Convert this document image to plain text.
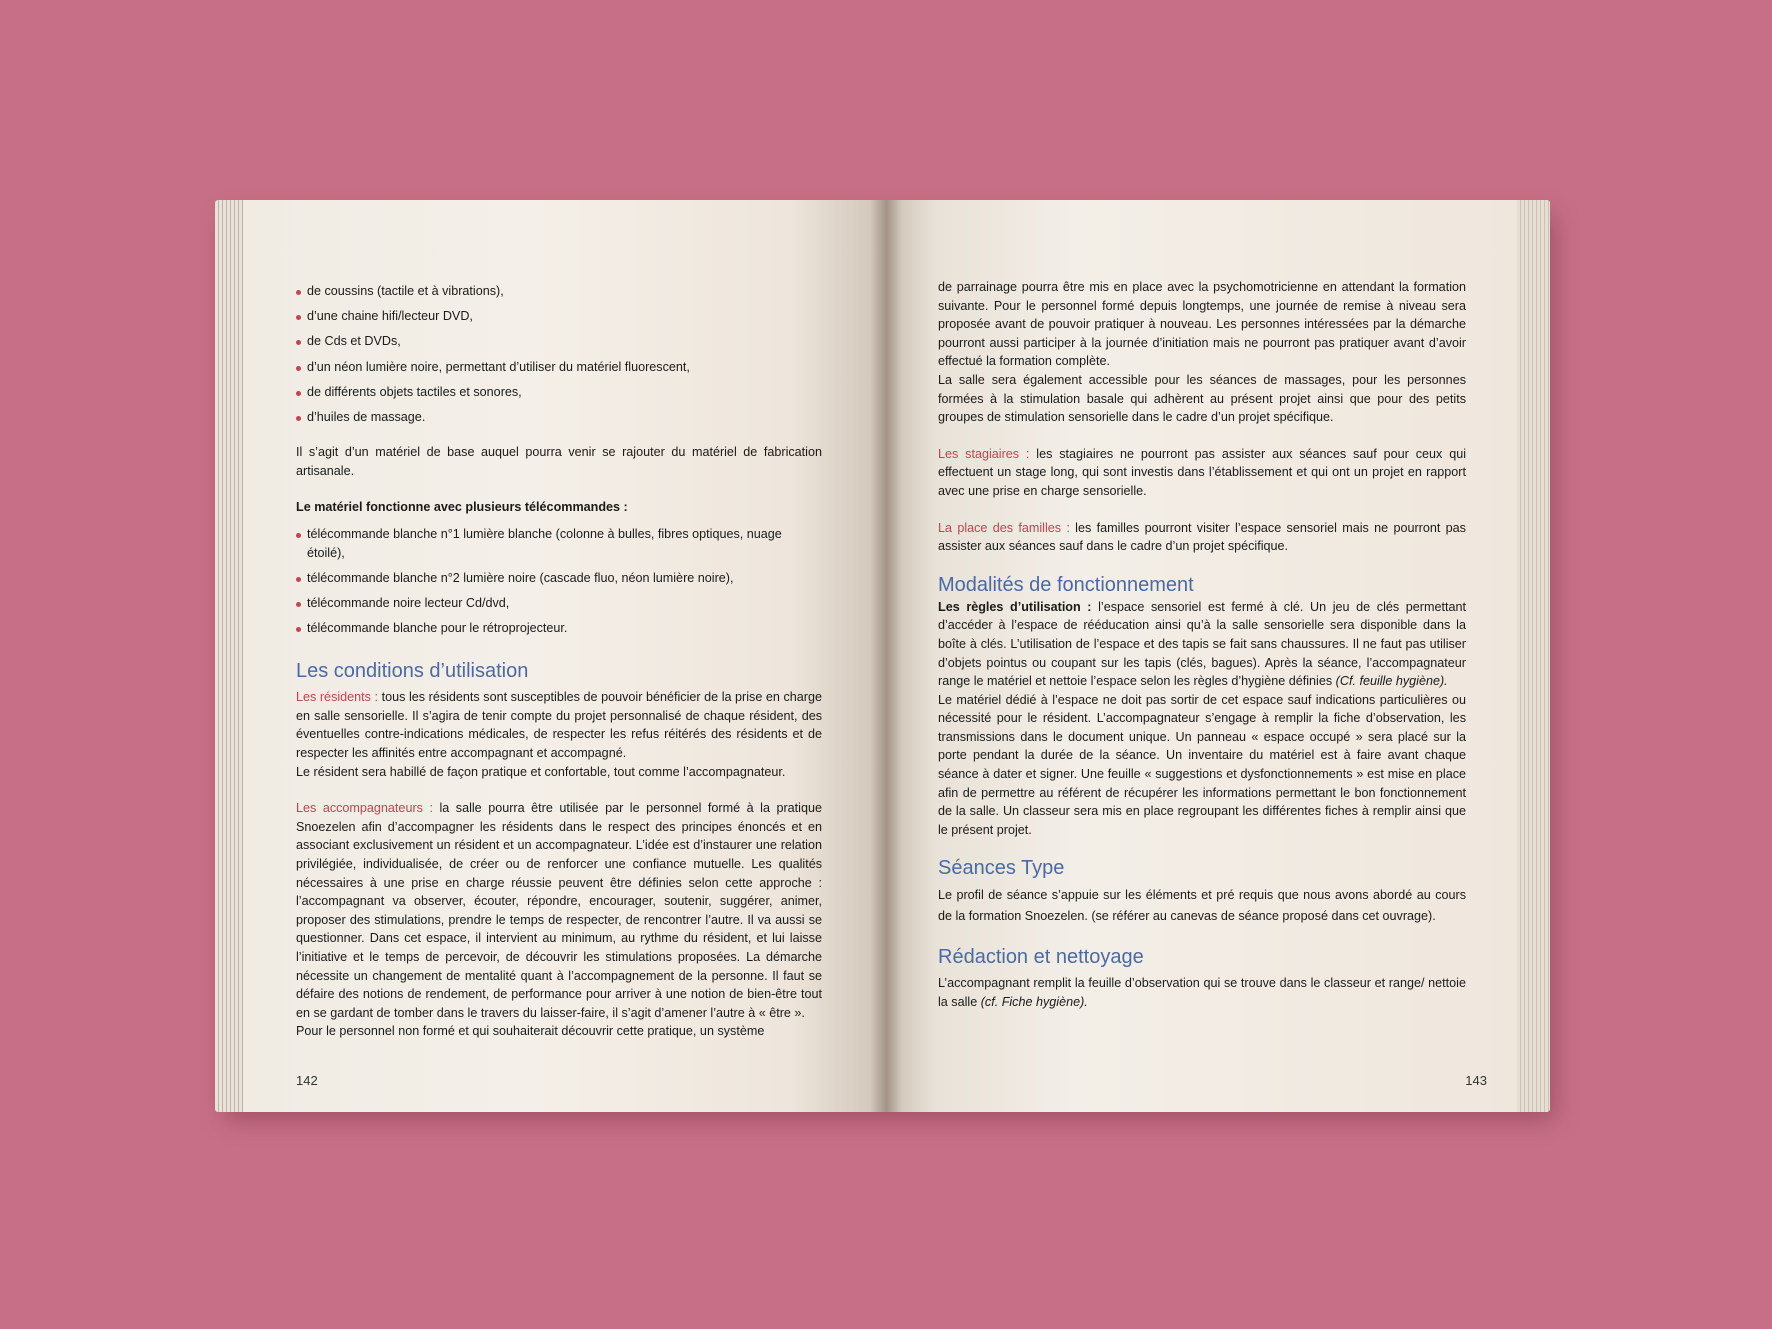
de coussins (tactile et à vibrations),
d’une chaine hifi/lecteur DVD,
de Cds et DVDs,
d’un néon lumière noire, permettant d’utiliser du matériel fluorescent,
de différents objets tactiles et sonores,
d’huiles de massage.

Il s’agit d’un matériel de base auquel pourra venir se rajouter du matériel de fabrication artisanale.

Le matériel fonctionne avec plusieurs télécommandes :

télécommande blanche n°1 lumière blanche (colonne à bulles, fibres optiques, nuage étoilé),
télécommande blanche n°2 lumière noire (cascade fluo, néon lumière noire),
télécommande noire lecteur Cd/dvd,
télécommande blanche pour le rétroprojecteur.
Les conditions d’utilisation

Les résidents : tous les résidents sont susceptibles de pouvoir bénéficier de la prise en charge en salle sensorielle. Il s’agira de tenir compte du projet personnalisé de chaque résident, des éventuelles contre-indications médicales, de respecter les refus réitérés des résidents et de respecter les affinités entre accompagnant et accompagné.

Le résident sera habillé de façon pratique et confortable, tout comme l’accompagnateur.

Les accompagnateurs : la salle pourra être utilisée par le personnel formé à la pratique Snoezelen afin d’accompagner les résidents dans le respect des principes énoncés et en associant exclusivement un résident et un accompagnateur. L’idée est d’instaurer une relation privilégiée, individualisée, de créer ou de renforcer une confiance mutuelle. Les qualités nécessaires à une prise en charge réussie peuvent être définies selon cette approche : l’accompagnant va observer, écouter, répondre, encourager, soutenir, suggérer, animer, proposer des stimulations, prendre le temps de respecter, de rencontrer l’autre. Il va aussi se questionner. Dans cet espace, il intervient au minimum, au rythme du résident, et lui laisse l’initiative et le temps de percevoir, de découvrir les stimulations proposées. La démarche nécessite un changement de mentalité quant à l’accompagnement de la personne. Il faut se défaire des notions de rendement, de performance pour arriver à une notion de bien-être tout en se gardant de tomber dans le travers du laisser-faire, il s’agit d’amener l’autre à « être ».

Pour le personnel non formé et qui souhaiterait découvrir cette pratique, un système

142

de parrainage pourra être mis en place avec la psychomotricienne en attendant la formation suivante. Pour le personnel formé depuis longtemps, une journée de remise à niveau sera proposée avant de pouvoir pratiquer à nouveau. Les personnes intéressées par la démarche pourront aussi participer à la journée d’initiation mais ne pourront pas pratiquer avant d’avoir effectué la formation complète.

La salle sera également accessible pour les séances de massages, pour les personnes formées à la stimulation basale qui adhèrent au présent projet ainsi que pour des petits groupes de stimulation sensorielle dans le cadre d’un projet spécifique.

Les stagiaires : les stagiaires ne pourront pas assister aux séances sauf pour ceux qui effectuent un stage long, qui sont investis dans l’établissement et qui ont un projet en rapport avec une prise en charge sensorielle.

La place des familles : les familles pourront visiter l’espace sensoriel mais ne pourront pas assister aux séances sauf dans le cadre d’un projet spécifique.

Modalités de fonctionnement

Les règles d’utilisation : l’espace sensoriel est fermé à clé. Un jeu de clés permettant d’accéder à l’espace de rééducation ainsi qu’à la salle sensorielle sera disponible dans la boîte à clés. L’utilisation de l’espace et des tapis se fait sans chaussures. Il ne faut pas utiliser d’objets pointus ou coupant sur les tapis (clés, bagues). Après la séance, l’accompagnateur range le matériel et nettoie l’espace selon les règles d’hygiène définies (Cf. feuille hygiène).

Le matériel dédié à l’espace ne doit pas sortir de cet espace sauf indications particulières ou nécessité pour le résident. L’accompagnateur s’engage à remplir la fiche d’observation, les transmissions dans le document unique. Un panneau « espace occupé » sera placé sur la porte pendant la durée de la séance. Un inventaire du matériel est à faire avant chaque séance à dater et signer. Une feuille « suggestions et dysfonctionnements » est mise en place afin de permettre au référent de récupérer les informations permettant le bon fonctionnement de la salle. Un classeur sera mis en place regroupant les différentes fiches à remplir ainsi que le présent projet.

Séances Type

Le profil de séance s’appuie sur les éléments et pré requis que nous avons abordé au cours de la formation Snoezelen. (se référer au canevas de séance proposé dans cet ouvrage).

Rédaction et nettoyage

L’accompagnant remplit la feuille d’observation qui se trouve dans le classeur et range/ nettoie la salle (cf. Fiche hygiène).

143
